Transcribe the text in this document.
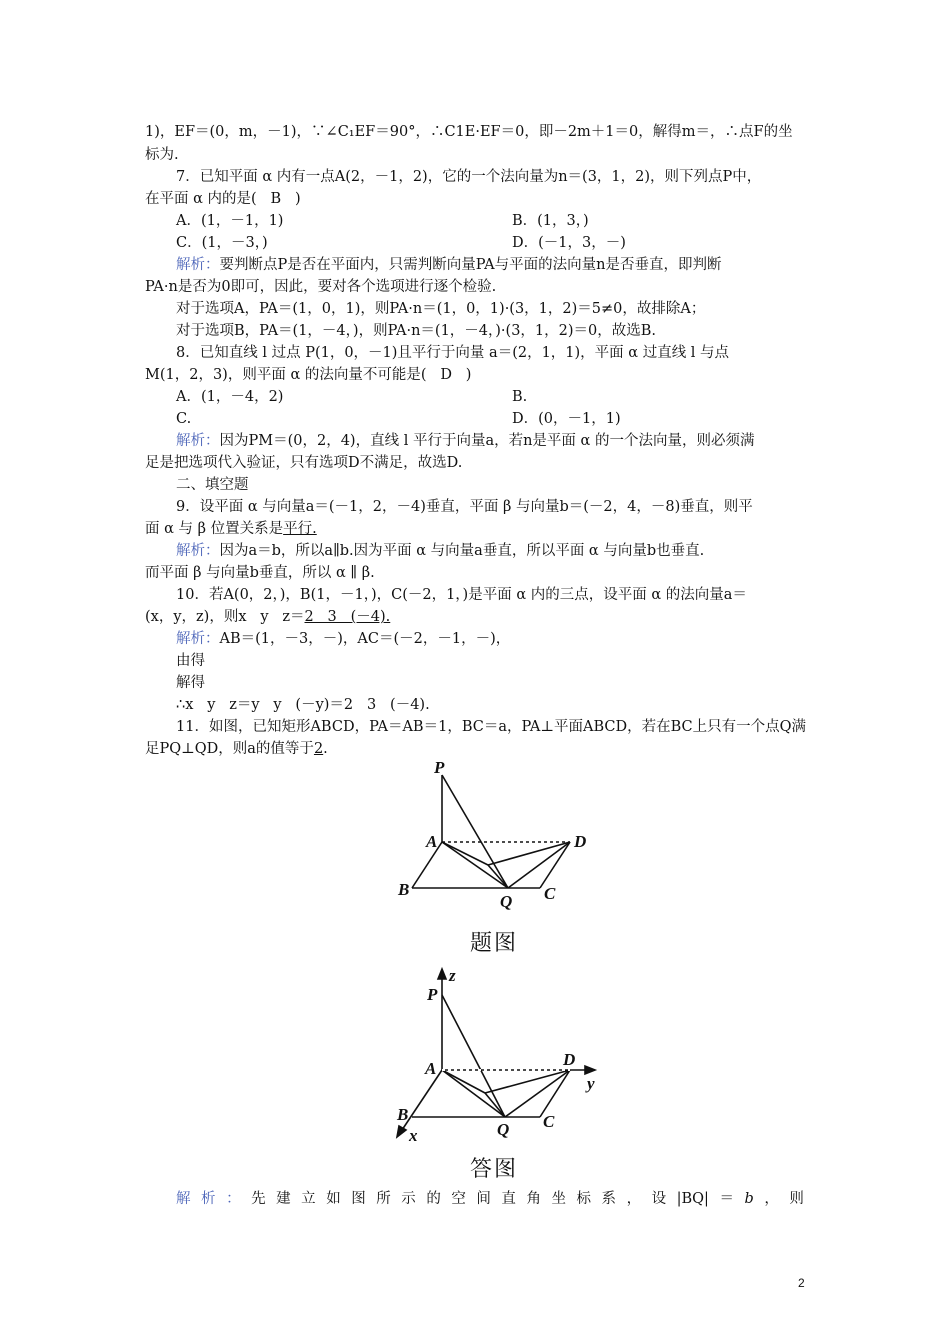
1)，EF＝(0，m，－1)，∵∠C₁EF＝90°，∴C1E·EF＝0，即－2m＋1＝0，解得m＝，∴点F的坐
标为.
7．已知平面 α 内有一点A(2，－1，2)，它的一个法向量为n＝(3，1，2)，则下列点P中，
在平面 α 内的是(   B   )
A．(1，－1，1)	B．(1，3，)
C．(1，－3，)	D．(－1，3，－)
解析：要判断点P是否在平面内，只需判断向量PA与平面的法向量n是否垂直，即判断
PA·n是否为0即可，因此，要对各个选项进行逐个检验.
对于选项A，PA＝(1，0，1)，则PA·n＝(1，0，1)·(3，1，2)＝5≠0，故排除A；
对于选项B，PA＝(1，－4，)，则PA·n＝(1，－4，)·(3，1，2)＝0，故选B.
8．已知直线 l 过点 P(1，0，－1)且平行于向量 a＝(2，1，1)，平面 α 过直线 l 与点
M(1，2，3)，则平面 α 的法向量不可能是(   D   )
A．(1，－4，2)	B.
C.	D．(0，－1，1)
解析：因为PM＝(0，2，4)，直线 l 平行于向量a，若n是平面 α 的一个法向量，则必须满
足是把选项代入验证，只有选项D不满足，故选D.
二、填空题
9．设平面 α 与向量a＝(－1，2，－4)垂直，平面 β 与向量b＝(－2，4，－8)垂直，则平
面 α 与 β 位置关系是平行.
解析：因为a＝b，所以a∥b.因为平面 α 与向量a垂直，所以平面 α 与向量b也垂直.
而平面 β 与向量b垂直，所以 α ∥ β.
10．若A(0，2，)，B(1，－1，)，C(－2，1，)是平面 α 内的三点，设平面 α 的法向量a＝
(x，y，z)，则x   y   z＝2   3   (－4).
解析：AB＝(1，－3，－)，AC＝(－2，－1，－)，
由得
解得
∴x   y   z＝y   y   (－y)＝2   3   (－4).
11．如图，已知矩形ABCD，PA＝AB＝1，BC＝a，PA⊥平面ABCD，若在BC上只有一个点Q满
足PQ⊥QD，则a的值等于2.
P
A	D
B
Q C
题图
z
P
A	D
y
B
Q C
x
答图
解 析 ： 先 建 立 如 图 所 示 的 空 间 直 角 坐 标 系 ， 设 |BQ| ＝ b ， 则
2
